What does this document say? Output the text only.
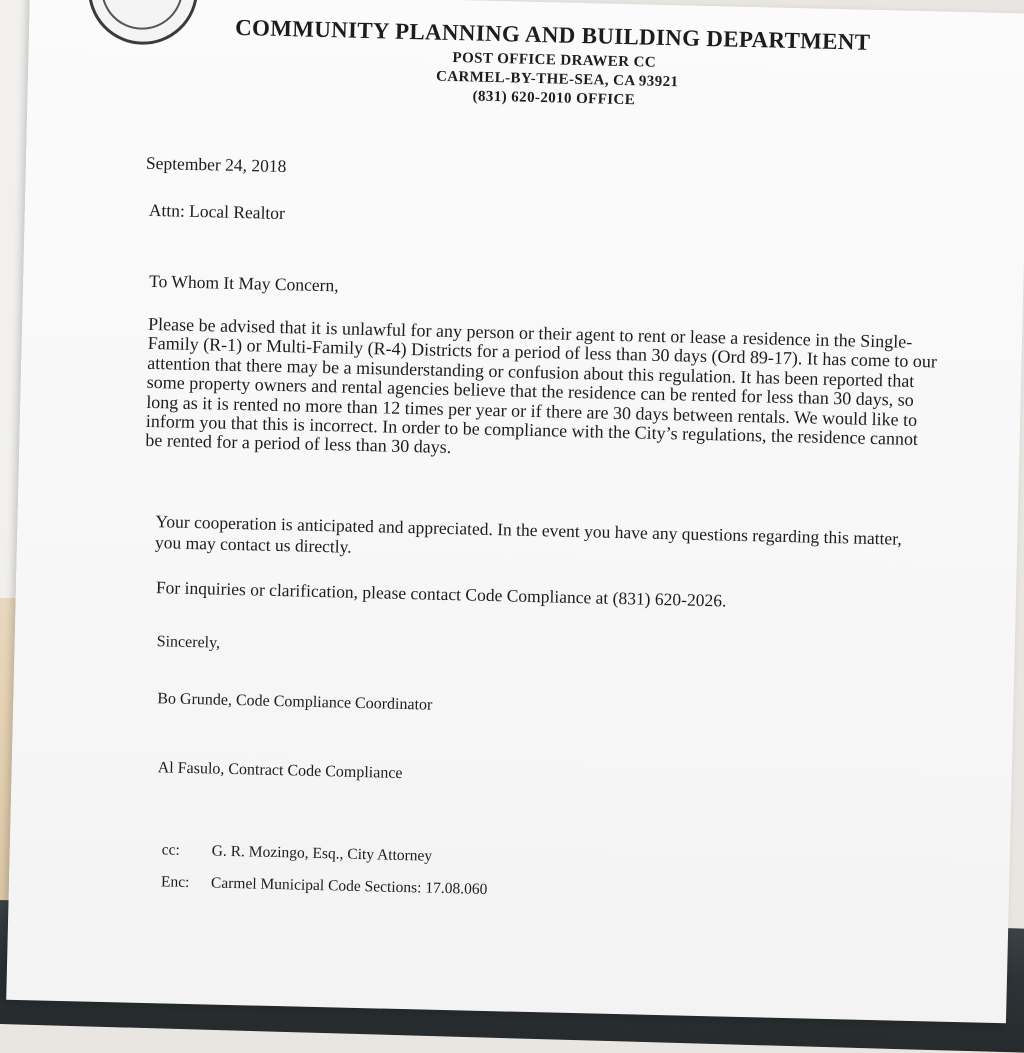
COMMUNITY PLANNING AND BUILDING DEPARTMENT
POST OFFICE DRAWER CC
CARMEL-BY-THE-SEA, CA 93921
(831) 620-2010 OFFICE
September 24, 2018
Attn: Local Realtor
To Whom It May Concern,
Please be advised that it is unlawful for any person or their agent to rent or lease a residence in the Single-Family (R-1) or Multi-Family (R-4) Districts for a period of less than 30 days (Ord 89-17). It has come to our attention that there may be a misunderstanding or confusion about this regulation. It has been reported that some property owners and rental agencies believe that the residence can be rented for less than 30 days, so long as it is rented no more than 12 times per year or if there are 30 days between rentals. We would like to inform you that this is incorrect. In order to be compliance with the City’s regulations, the residence cannot be rented for a period of less than 30 days.
Your cooperation is anticipated and appreciated. In the event you have any questions regarding this matter, you may contact us directly.
For inquiries or clarification, please contact Code Compliance at (831) 620-2026.
Sincerely,
Bo Grunde, Code Compliance Coordinator
Al Fasulo, Contract Code Compliance
cc: G. R. Mozingo, Esq., City Attorney
Enc: Carmel Municipal Code Sections: 17.08.060
